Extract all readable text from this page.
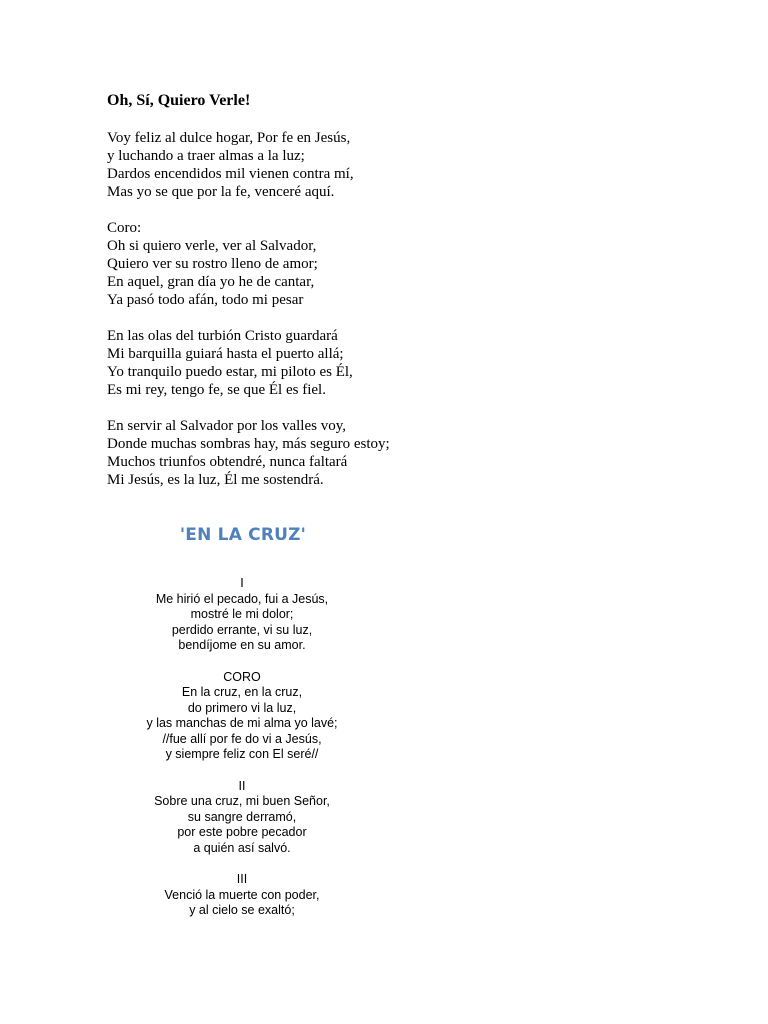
Oh, Sí, Quiero Verle!
Voy feliz al dulce hogar, Por fe en Jesús,
y luchando a traer almas a la luz;
Dardos encendidos mil vienen contra mí,
Mas yo se que por la fe, venceré aquí.
Coro:
Oh si quiero verle, ver al Salvador,
Quiero ver su rostro lleno de amor;
En aquel, gran día yo he de cantar,
Ya pasó todo afán, todo mi pesar
En las olas del turbión Cristo guardará
Mi barquilla guiará hasta el puerto allá;
Yo tranquilo puedo estar, mi piloto es Él,
Es mi rey, tengo fe, se que Él es fiel.
En servir al Salvador por los valles voy,
Donde muchas sombras hay, más seguro estoy;
Muchos triunfos obtendré, nunca faltará
Mi Jesús, es la luz, Él me sostendrá.
'EN LA CRUZ'
I
Me hirió el pecado, fui a Jesús,
mostré le mi dolor;
perdido errante, vi su luz,
bendíjome en su amor.
CORO
En la cruz, en la cruz,
do primero vi la luz,
y las manchas de mi alma yo lavé;
//fue allí por fe do vi a Jesús,
y siempre feliz con El seré//
II
Sobre una cruz, mi buen Señor,
su sangre derramó,
por este pobre pecador
a quién así salvó.
III
Venció la muerte con poder,
y al cielo se exaltó;
